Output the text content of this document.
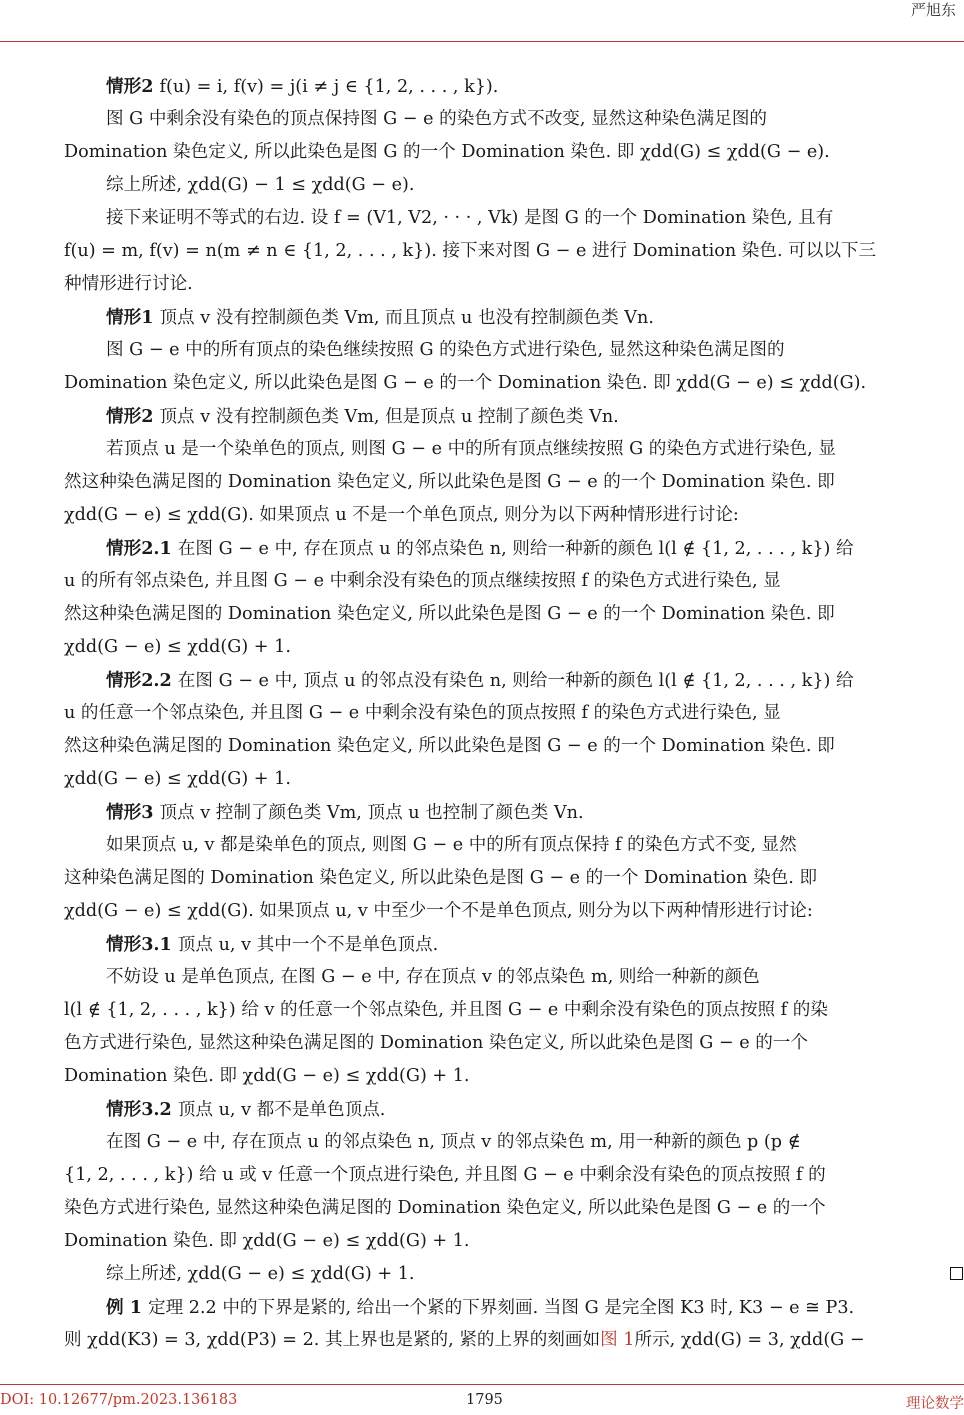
严旭东
情形2 f(u) = i, f(v) = j(i ≠ j ∈ {1, 2, . . . , k}).
图 G 中剩余没有染色的顶点保持图 G − e 的染色方式不改变, 显然这种染色满足图的
Domination 染色定义, 所以此染色是图 G 的一个 Domination 染色. 即 χdd(G) ≤ χdd(G − e).
综上所述, χdd(G) − 1 ≤ χdd(G − e).
接下来证明不等式的右边. 设 f = (V1, V2, · · · , Vk) 是图 G 的一个 Domination 染色, 且有
f(u) = m, f(v) = n(m ≠ n ∈ {1, 2, . . . , k}). 接下来对图 G − e 进行 Domination 染色. 可以以下三
种情形进行讨论.
情形1 顶点 v 没有控制颜色类 Vm, 而且顶点 u 也没有控制颜色类 Vn.
图 G − e 中的所有顶点的染色继续按照 G 的染色方式进行染色, 显然这种染色满足图的
Domination 染色定义, 所以此染色是图 G − e 的一个 Domination 染色. 即 χdd(G − e) ≤ χdd(G).
情形2 顶点 v 没有控制颜色类 Vm, 但是顶点 u 控制了颜色类 Vn.
若顶点 u 是一个染单色的顶点, 则图 G − e 中的所有顶点继续按照 G 的染色方式进行染色, 显
然这种染色满足图的 Domination 染色定义, 所以此染色是图 G − e 的一个 Domination 染色. 即
χdd(G − e) ≤ χdd(G). 如果顶点 u 不是一个单色顶点, 则分为以下两种情形进行讨论:
情形2.1 在图 G − e 中, 存在顶点 u 的邻点染色 n, 则给一种新的颜色 l(l ∉ {1, 2, . . . , k}) 给
u 的所有邻点染色, 并且图 G − e 中剩余没有染色的顶点继续按照 f 的染色方式进行染色, 显
然这种染色满足图的 Domination 染色定义, 所以此染色是图 G − e 的一个 Domination 染色. 即
χdd(G − e) ≤ χdd(G) + 1.
情形2.2 在图 G − e 中, 顶点 u 的邻点没有染色 n, 则给一种新的颜色 l(l ∉ {1, 2, . . . , k}) 给
u 的任意一个邻点染色, 并且图 G − e 中剩余没有染色的顶点按照 f 的染色方式进行染色, 显
然这种染色满足图的 Domination 染色定义, 所以此染色是图 G − e 的一个 Domination 染色. 即
χdd(G − e) ≤ χdd(G) + 1.
情形3 顶点 v 控制了颜色类 Vm, 顶点 u 也控制了颜色类 Vn.
如果顶点 u, v 都是染单色的顶点, 则图 G − e 中的所有顶点保持 f 的染色方式不变, 显然
这种染色满足图的 Domination 染色定义, 所以此染色是图 G − e 的一个 Domination 染色. 即
χdd(G − e) ≤ χdd(G). 如果顶点 u, v 中至少一个不是单色顶点, 则分为以下两种情形进行讨论:
情形3.1 顶点 u, v 其中一个不是单色顶点.
不妨设 u 是单色顶点, 在图 G − e 中, 存在顶点 v 的邻点染色 m, 则给一种新的颜色
l(l ∉ {1, 2, . . . , k}) 给 v 的任意一个邻点染色, 并且图 G − e 中剩余没有染色的顶点按照 f 的染
色方式进行染色, 显然这种染色满足图的 Domination 染色定义, 所以此染色是图 G − e 的一个
Domination 染色. 即 χdd(G − e) ≤ χdd(G) + 1.
情形3.2 顶点 u, v 都不是单色顶点.
在图 G − e 中, 存在顶点 u 的邻点染色 n, 顶点 v 的邻点染色 m, 用一种新的颜色 p (p ∉
{1, 2, . . . , k}) 给 u 或 v 任意一个顶点进行染色, 并且图 G − e 中剩余没有染色的顶点按照 f 的
染色方式进行染色, 显然这种染色满足图的 Domination 染色定义, 所以此染色是图 G − e 的一个
Domination 染色. 即 χdd(G − e) ≤ χdd(G) + 1.
综上所述, χdd(G − e) ≤ χdd(G) + 1.
例 1 定理 2.2 中的下界是紧的, 给出一个紧的下界刻画. 当图 G 是完全图 K3 时, K3 − e ≅ P3.
则 χdd(K3) = 3, χdd(P3) = 2. 其上界也是紧的, 紧的上界的刻画如图 1所示, χdd(G) = 3, χdd(G −
DOI: 10.12677/pm.2023.136183	1795	理论数学
